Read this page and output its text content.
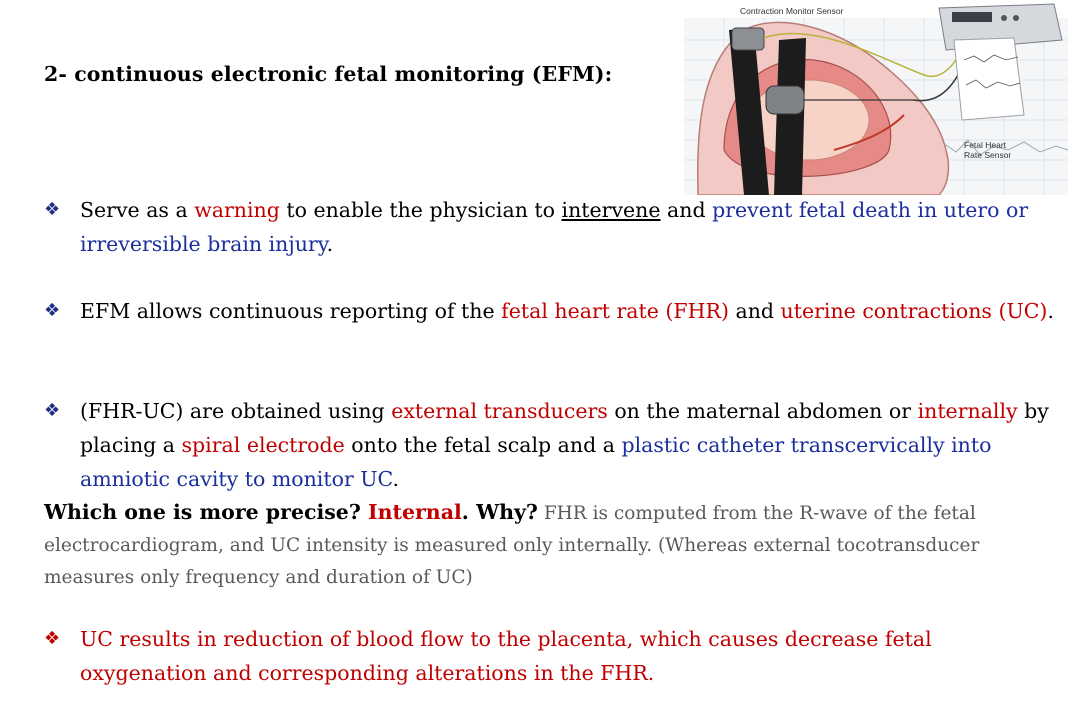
2- continuous electronic fetal monitoring (EFM):
Contraction Monitor Sensor
Fetal Heart Rate Sensor
❖ Serve as a warning to enable the physician to intervene and prevent fetal death in utero or irreversible brain injury.
❖ EFM allows continuous reporting of the fetal heart rate (FHR) and uterine contractions (UC).
❖ (FHR-UC) are obtained using external transducers on the maternal abdomen or internally by placing a spiral electrode onto the fetal scalp and a plastic catheter transcervically into amniotic cavity to monitor UC.
Which one is more precise? Internal. Why? FHR is computed from the R-wave of the fetal electrocardiogram, and UC intensity is measured only internally. (Whereas external tocotransducer measures only frequency and duration of UC)
❖ UC results in reduction of blood flow to the placenta, which causes decrease fetal oxygenation and corresponding alterations in the FHR.
